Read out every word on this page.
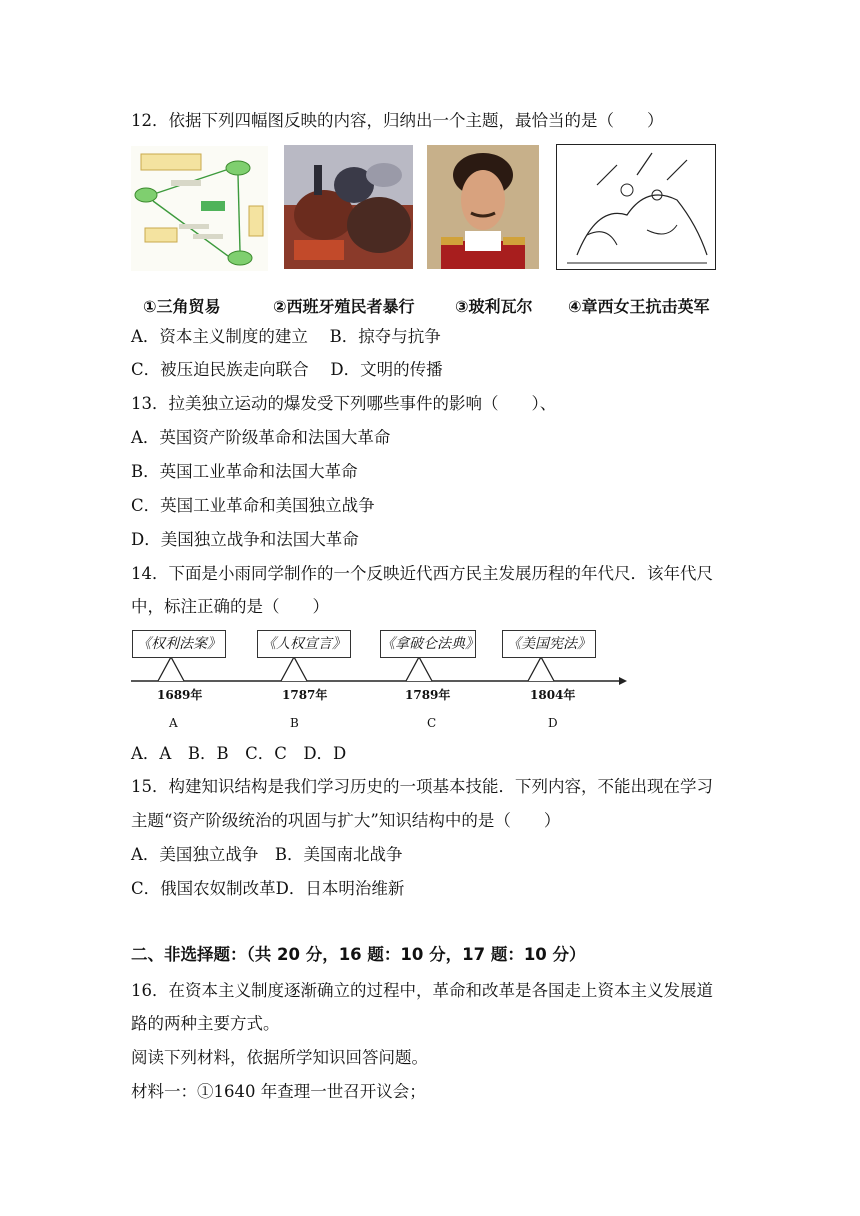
12．依据下列四幅图反映的内容，归纳出一个主题，最恰当的是（　　）
①三角贸易	②西班牙殖民者暴行	③玻利瓦尔 ④章西女王抗击英军
A．资本主义制度的建立　 B．掠夺与抗争
C．被压迫民族走向联合　 D．文明的传播
13．拉美独立运动的爆发受下列哪些事件的影响（　　）、
A．英国资产阶级革命和法国大革命
B．英国工业革命和法国大革命
C．英国工业革命和美国独立战争
D．美国独立战争和法国大革命
14．下面是小雨同学制作的一个反映近代西方民主发展历程的年代尺．该年代尺
中，标注正确的是（　　）
《权利法案》	《人权宣言》	《拿破仑法典》	《美国宪法》
1689年	1787年	1789年	1804年
A	B	C	D
A．A　B．B　C．C　D．D
15．构建知识结构是我们学习历史的一项基本技能．下列内容，不能出现在学习
主题“资产阶级统治的巩固与扩大”知识结构中的是（　　）
A．美国独立战争　B．美国南北战争
C．俄国农奴制改革D．日本明治维新
二、非选择题：（共 20 分，16 题：10 分，17 题：10 分）
16．在资本主义制度逐渐确立的过程中，革命和改革是各国走上资本主义发展道
路的两种主要方式。
阅读下列材料，依据所学知识回答问题。
材料一：①1640 年查理一世召开议会；
